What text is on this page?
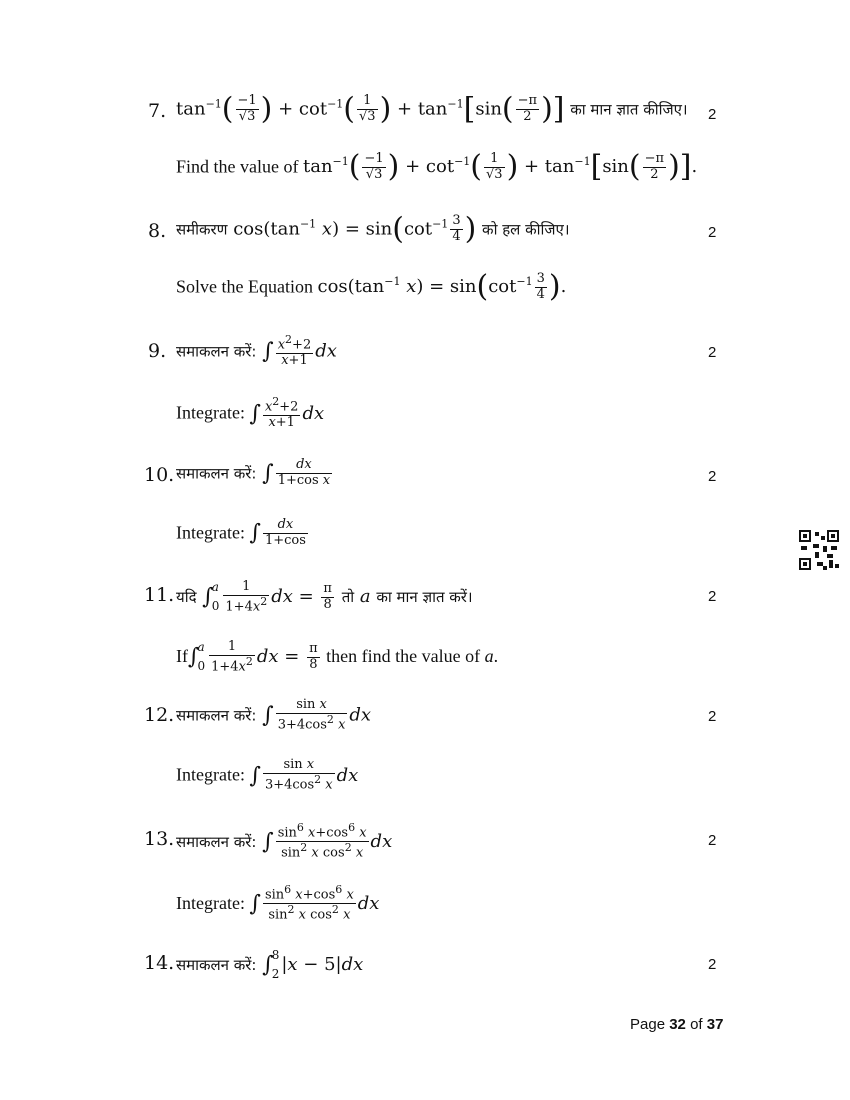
7. $\tan^{-1}( \frac{-1}{√3}$ ) + $\cot^{-1}( \frac{1}{√3}$ ) + $\tan^{-1}[\sin( \frac{-\pi}{2}$ )] का मान ज्ञात कीजिए। 2
Find the value of $\tan^{-1}( \frac{-1}{√3}$ ) + $\cot^{-1}( \frac{1}{√3}$ ) + $\tan^{-1}[\sin( \frac{-\pi}{2}$ )].
8. समीकरण $\cos(\tan^{-1}$ $x) = \sin(\cot^{-1} \frac{3}{4}$ ) को हल कीजिए।	2
Solve the Equation $\cos(\tan^{-1}$ $x) = \sin(\cot^{-1} \frac{3}{4}$ ).
9. समाकलन करें: ∫ $\frac{x^2+2}{x+1}$ dx	2
Integrate: ∫ $\frac{x^2+2}{x+1}$ dx
10. समाकलन करें: ∫ $\frac{dx}{\text{1+cos x}}$	2
Integrate: ∫ $\frac{dx}{1+\cos}$
11. यदि ∫
a
$0 \frac{1}{1+4x^2}$ dx = $\frac{\pi}{8}$ तो a का मान ज्ञात करें।	2
If∫
a
$0 \frac{1}{1+4x^2}$ dx = $\frac{\pi}{8}$ then find the value of a.
12. समाकलन करें: ∫ $\frac{\text{sin x}}{3+4\cos^2 x}$ dx	2
Integrate: ∫ $\frac{\text{sin x}}{3+4\cos^2 x}$ dx
13. समाकलन करें: ∫ $\frac{\sin^6 x+\cos^6 x}{\sin^2 x \cos^2 x}$ dx	2
Integrate: ∫ $\frac{\sin^6 x+\cos^6 x}{\sin^2 x \cos^2 x}$ dx
14. समाकलन करें: ∫
8
2 |x − 5|dx	2
Page 32 of 37
